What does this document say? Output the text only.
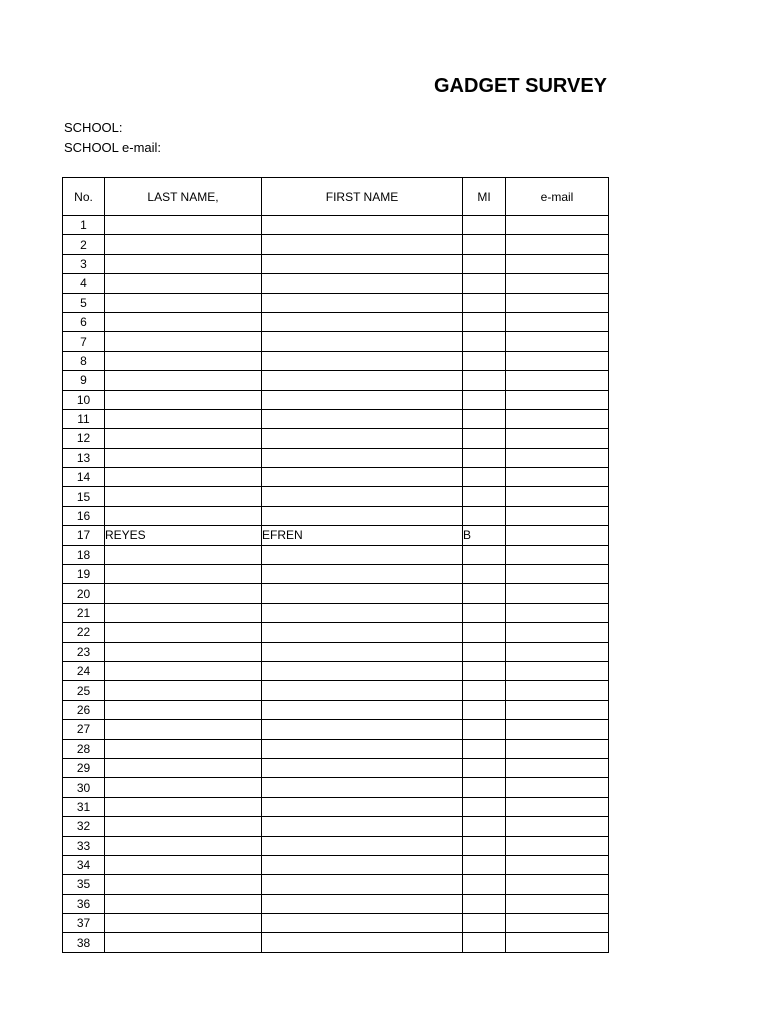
GADGET SURVEY
SCHOOL:
SCHOOL e-mail:
No.	LAST NAME,	FIRST NAME	MI	e-mail
1				
2				
3				
4				
5				
6				
7				
8				
9				
10				
11				
12				
13				
14				
15				
16				
17	REYES	EFREN	B	
18				
19				
20				
21				
22				
23				
24				
25				
26				
27				
28				
29				
30				
31				
32				
33				
34				
35				
36				
37				
38				
